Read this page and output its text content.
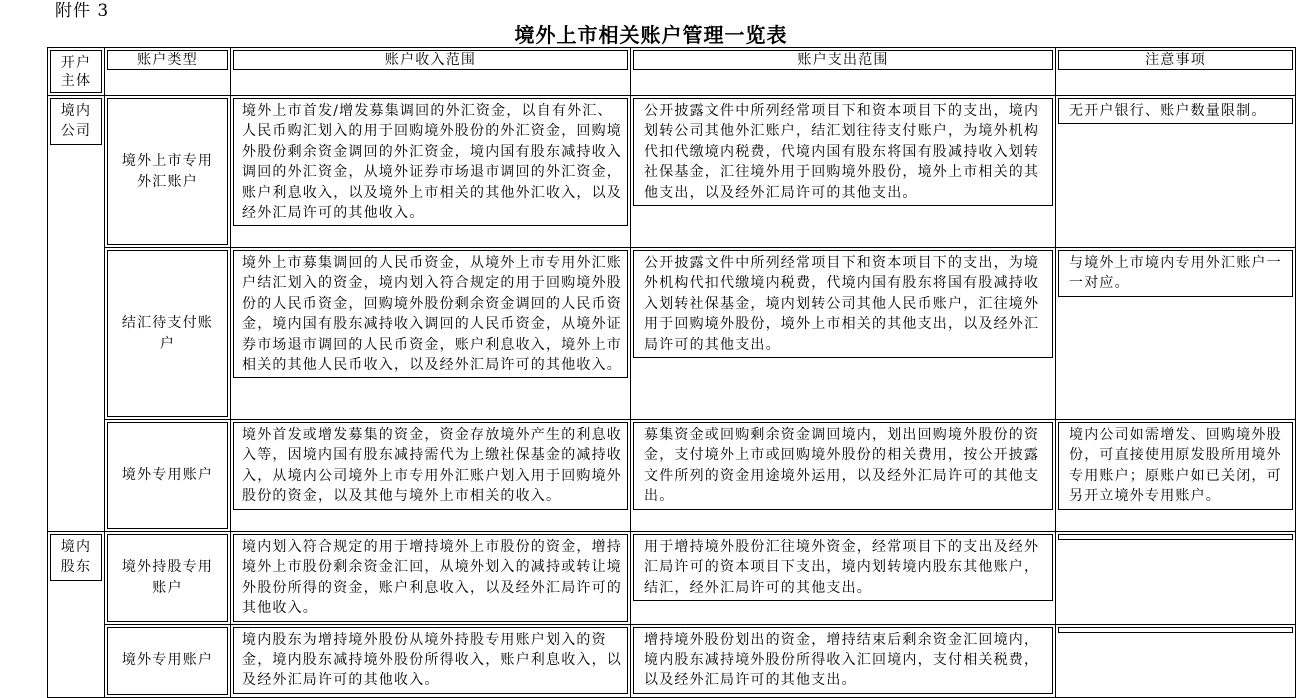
附件 3
境外上市相关账户管理一览表
开户主体	账户类型	账户收入范围	账户支出范围	注意事项

境内公司	境外上市专用外汇账户	境外上市首发/增发募集调回的外汇资金，以自有外汇、人民币购汇划入的用于回购境外股份的外汇资金，回购境外股份剩余资金调回的外汇资金，境内国有股东减持收入调回的外汇资金，从境外证券市场退市调回的外汇资金，账户利息收入，以及境外上市相关的其他外汇收入，以及经外汇局许可的其他收入。	公开披露文件中所列经常项目下和资本项目下的支出，境内划转公司其他外汇账户，结汇划往待支付账户，为境外机构代扣代缴境内税费，代境内国有股东将国有股减持收入划转社保基金，汇往境外用于回购境外股份，境外上市相关的其他支出，以及经外汇局许可的其他支出。	无开户银行、账户数量限制。

	结汇待支付账户	境外上市募集调回的人民币资金，从境外上市专用外汇账户结汇划入的资金，境内划入符合规定的用于回购境外股份的人民币资金，回购境外股份剩余资金调回的人民币资金，境内国有股东减持收入调回的人民币资金，从境外证券市场退市调回的人民币资金，账户利息收入，境外上市相关的其他人民币收入，以及经外汇局许可的其他收入。	公开披露文件中所列经常项目下和资本项目下的支出，为境外机构代扣代缴境内税费，代境内国有股东将国有股减持收入划转社保基金，境内划转公司其他人民币账户，汇往境外用于回购境外股份，境外上市相关的其他支出，以及经外汇局许可的其他支出。	与境外上市境内专用外汇账户一一对应。

	境外专用账户	境外首发或增发募集的资金，资金存放境外产生的利息收入等，因境内国有股东减持需代为上缴社保基金的减持收入，从境内公司境外上市专用外汇账户划入用于回购境外股份的资金，以及其他与境外上市相关的收入。	募集资金或回购剩余资金调回境内，划出回购境外股份的资金，支付境外上市或回购境外股份的相关费用，按公开披露文件所列的资金用途境外运用，以及经外汇局许可的其他支出。	境内公司如需增发、回购境外股份，可直接使用原发股所用境外专用账户；原账户如已关闭，可另开立境外专用账户。

境内股东	境外持股专用账户	境内划入符合规定的用于增持境外上市股份的资金，增持境外上市股份剩余资金汇回，从境外划入的减持或转让境外股份所得的资金，账户利息收入，以及经外汇局许可的其他收入。	用于增持境外股份汇往境外资金，经常项目下的支出及经外汇局许可的资本项目下支出，境内划转境内股东其他账户，结汇，经外汇局许可的其他支出。	

	境外专用账户	境内股东为增持境外股份从境外持股专用账户划入的资金，境内股东减持境外股份所得收入，账户利息收入，以及经外汇局许可的其他收入。	增持境外股份划出的资金，增持结束后剩余资金汇回境内，境内股东减持境外股份所得收入汇回境内，支付相关税费，以及经外汇局许可的其他支出。	
